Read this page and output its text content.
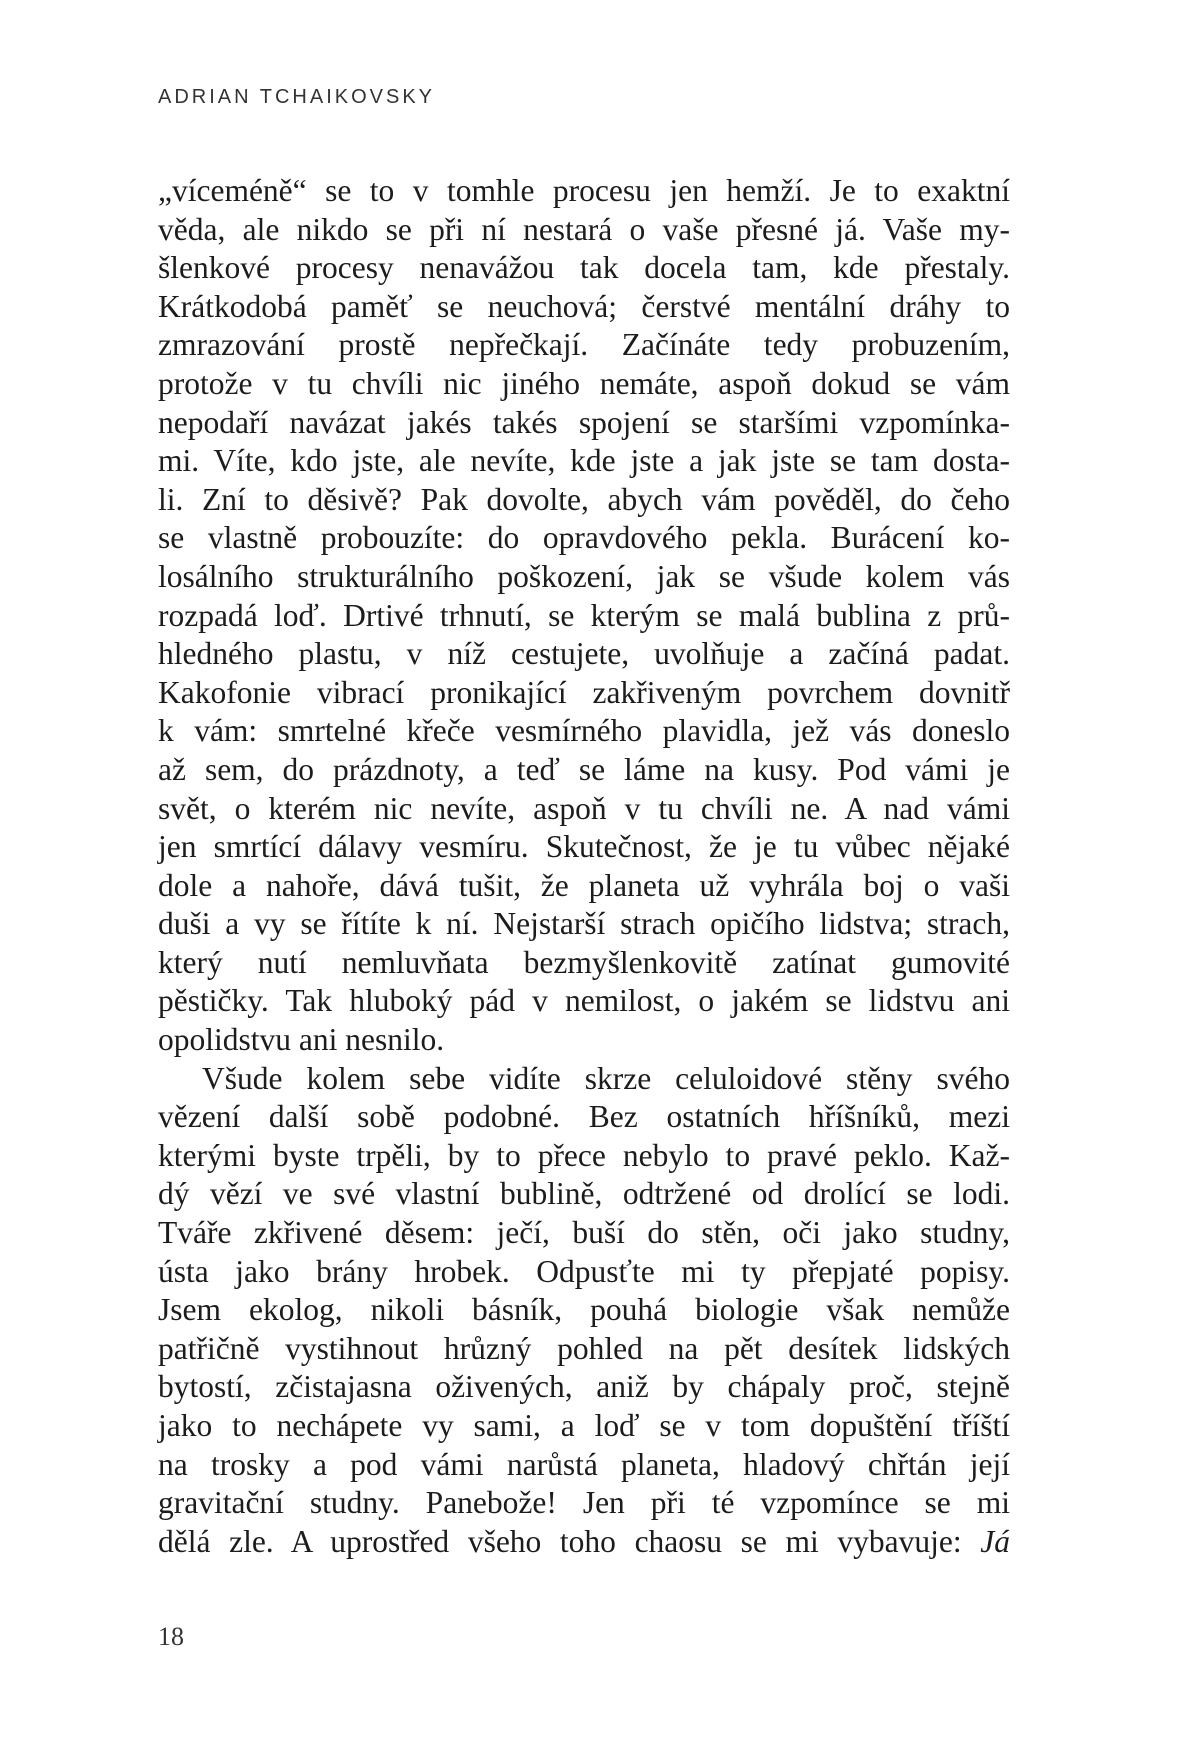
ADRIAN TCHAIKOVSKY
„víceméně“ se to v tomhle procesu jen hemží. Je to exaktní
věda, ale nikdo se při ní nestará o vaše přesné já. Vaše my-
šlenkové procesy nenavážou tak docela tam, kde přestaly.
Krátkodobá paměť se neuchová; čerstvé mentální dráhy to
zmrazování prostě nepřečkají. Začínáte tedy probuzením,
protože v tu chvíli nic jiného nemáte, aspoň dokud se vám
nepodaří navázat jakés takés spojení se staršími vzpomínka-
mi. Víte, kdo jste, ale nevíte, kde jste a jak jste se tam dosta-
li. Zní to děsivě? Pak dovolte, abych vám pověděl, do čeho
se vlastně probouzíte: do opravdového pekla. Burácení ko-
losálního strukturálního poškození, jak se všude kolem vás
rozpadá loď. Drtivé trhnutí, se kterým se malá bublina z prů-
hledného plastu, v níž cestujete, uvolňuje a začíná padat.
Kakofonie vibrací pronikající zakřiveným povrchem dovnitř
k vám: smrtelné křeče vesmírného plavidla, jež vás doneslo
až sem, do prázdnoty, a teď se láme na kusy. Pod vámi je
svět, o kterém nic nevíte, aspoň v tu chvíli ne. A nad vámi
jen smrtící dálavy vesmíru. Skutečnost, že je tu vůbec nějaké
dole a nahoře, dává tušit, že planeta už vyhrála boj o vaši
duši a vy se řítíte k ní. Nejstarší strach opičího lidstva; strach,
který nutí nemluvňata bezmyšlenkovitě zatínat gumovité
pěstičky. Tak hluboký pád v nemilost, o jakém se lidstvu ani
opolidstvu ani nesnilo.
Všude kolem sebe vidíte skrze celuloidové stěny svého
vězení další sobě podobné. Bez ostatních hříšníků, mezi
kterými byste trpěli, by to přece nebylo to pravé peklo. Kaž-
dý vězí ve své vlastní bublině, odtržené od drolící se lodi.
Tváře zkřivené děsem: ječí, buší do stěn, oči jako studny,
ústa jako brány hrobek. Odpusťte mi ty přepjaté popisy.
Jsem ekolog, nikoli básník, pouhá biologie však nemůže
patřičně vystihnout hrůzný pohled na pět desítek lidských
bytostí, zčistajasna oživených, aniž by chápaly proč, stejně
jako to nechápete vy sami, a loď se v tom dopuštění tříští
na trosky a pod vámi narůstá planeta, hladový chřtán její
gravitační studny. Panebože! Jen při té vzpomínce se mi
dělá zle. A uprostřed všeho toho chaosu se mi vybavuje: Já
18
